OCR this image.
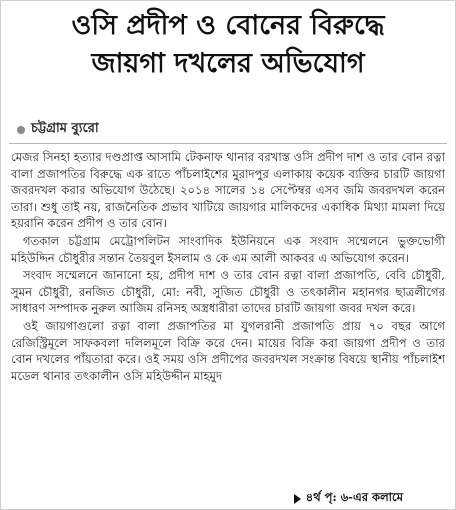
ওসি প্রদীপ ও বোনের বিরুদ্ধে
জায়গা দখলের অভিযোগ
চট্টগ্রাম ব্যুরো

মেজর সিনহা হত্যার দণ্ডপ্রাপ্ত আসামি টেকনাফ থানার বরখাস্ত ওসি প্রদীপ দাশ ও তার বোন রত্না বালা প্রজাপতির বিরুদ্ধে এক রাতে পাঁচলাইশের মুরাদপুর এলাকায় কয়েক ব্যক্তির চারটি জায়গা জবরদখল করার অভিযোগ উঠেছে। ২০১৪ সালের ১৪ সেপ্টেম্বর এসব জমি জবরদখল করেন তারা। শুধু তাই নয়, রাজনৈতিক প্রভাব খাটিয়ে জায়গার মালিকদের একাধিক মিথ্যা মামলা দিয়ে হয়রানি করেন প্রদীপ ও তার বোন।

গতকাল চট্টগ্রাম মেট্রোপলিটন সাংবাদিক ইউনিয়নে এক সংবাদ সম্মেলনে ভুক্তভোগী মহিউদ্দিন চৌধুরীর সন্তান তৈয়বুল ইসলাম ও কে এম আলী আকবর এ অভিযোগ করেন।

সংবাদ সম্মেলনে জানানো হয়, প্রদীপ দাশ ও তার বোন রত্না বালা প্রজাপতি, বেবি চৌধুরী, সুমন চৌধুরী, রনজিত চৌধুরী, মো: নবী, সুজিত চৌধুরী ও তৎকালীন মহানগর ছাত্রলীগের সাধারণ সম্পাদক নুরুল আজিম রনিসহ অস্ত্রধারীরা তাদের চারটি জায়গা জবর দখল করে।

ওই জায়গাগুলো রত্না বালা প্রজাপতির মা যুগলরানী প্রজাপতি প্রায় ৭০ বছর আগে রেজিস্ট্রিমূলে সাফকবলা দলিলমূলে বিক্রি করে দেন। মায়ের বিক্রি করা জায়গা প্রদীপ ও তার বোন দখলের পাঁয়তারা করে। ওই সময় ওসি প্রদীপের জবরদখল সংক্রান্ত বিষয়ে স্থানীয় পাঁচলাইশ মডেল থানার তৎকালীন ওসি মহিউদ্দীন মাহমুদ

৪র্থ পৃ: ৬-এর কলামে
